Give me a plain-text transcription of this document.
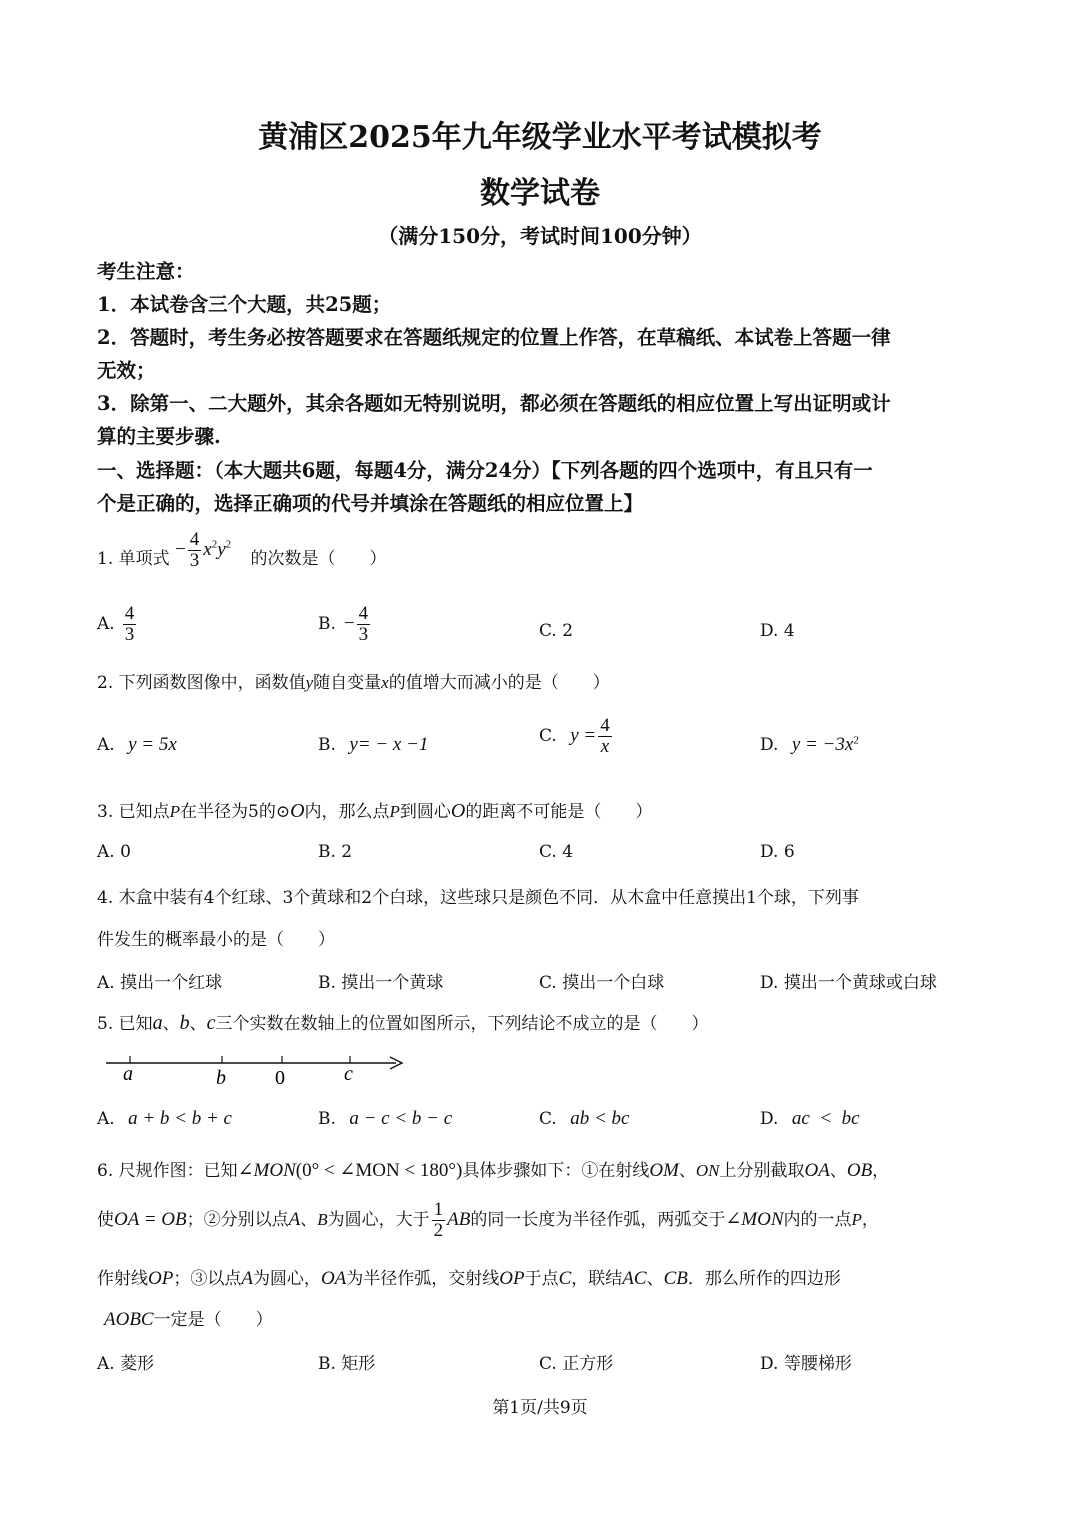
黄浦区2025年九年级学业水平考试模拟考
数学试卷
（满分150分，考试时间100分钟）
考生注意：
1．本试卷含三个大题，共25题；
2．答题时，考生务必按答题要求在答题纸规定的位置上作答，在草稿纸、本试卷上答题一律
无效；
3．除第一、二大题外，其余各题如无特别说明，都必须在答题纸的相应位置上写出证明或计
算的主要步骤.
一、选择题：（本大题共6题，每题4分，满分24分）【下列各题的四个选项中，有且只有一
个是正确的，选择正确项的代号并填涂在答题纸的相应位置上】
1. 单项式 − $\frac{4}{3} x^2y^2$ 的次数是（　　）
A. $\frac{4}{3}$	B. − $\frac{4}{3}$	C. 2	D. 4
2. 下列函数图像中，函数值y随自变量x的值增大而减小的是（　　）
A. y = 5x	B. y= − x −1	C. $y = \frac{4}{x}$	D. $y = -3x^2$
3. 已知点P在半径为5的⊙O内，那么点P到圆心O的距离不可能是（　　）
A. 0	B. 2	C. 4	D. 6
4. 木盒中装有4个红球、3个黄球和2个白球，这些球只是颜色不同．从木盒中任意摸出1个球，下列事
件发生的概率最小的是（　　）
A. 摸出一个红球	B. 摸出一个黄球	C. 摸出一个白球	D. 摸出一个黄球或白球
5. 已知a、b、c三个实数在数轴上的位置如图所示，下列结论不成立的是（　　）
a	b 0	c
A. a + b < b + c	B. a − c < b − c	C. ab < bc	D. ac  <  bc
6. 尺规作图：已知∠MON(0° < ∠MON < 180°)具体步骤如下：①在射线OM、ON上分别截取OA、OB，
使OA = OB；②分别以点A、B为圆心，大于 $\frac{1}{2}$ AB的同一长度为半径作弧，两弧交于∠MON内的一点P，
作射线OP；③以点A为圆心，OA为半径作弧，交射线OP于点C，联结AC、CB．那么所作的四边形
AOBC一定是（　　）
A. 菱形	B. 矩形	C. 正方形	D. 等腰梯形
第1页/共9页
